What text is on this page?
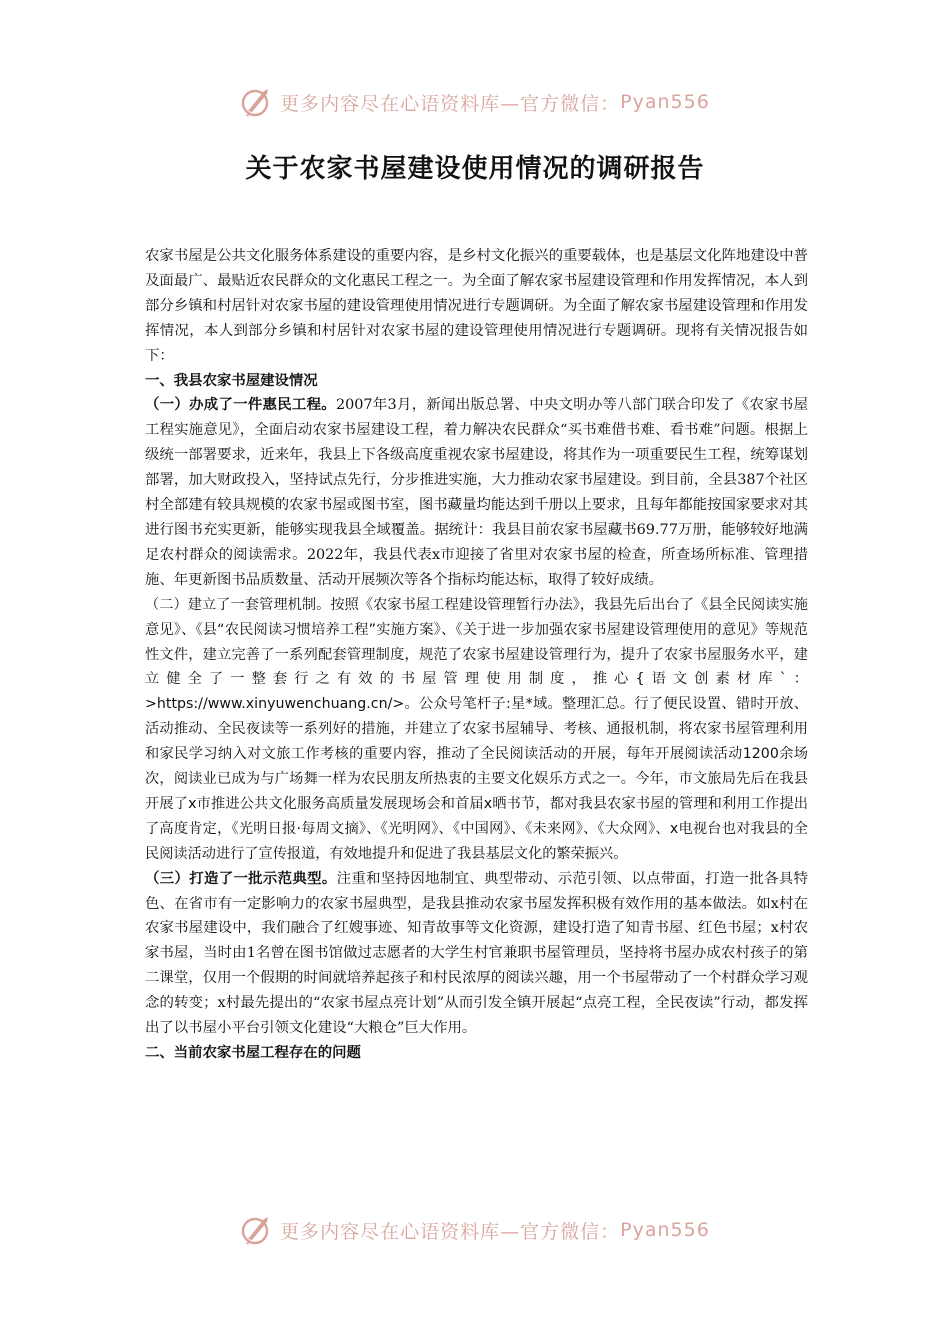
更多内容尽在心语资料库—官方微信： Pyan556
关于农家书屋建设使用情况的调研报告

农家书屋是公共文化服务体系建设的重要内容，是乡村文化振兴的重要载体，也是基层文化阵地建设中普及面最广、最贴近农民群众的文化惠民工程之一。为全面了解农家书屋建设管理和作用发挥情况，本人到部分乡镇和村居针对农家书屋的建设管理使用情况进行专题调研。为全面了解农家书屋建设管理和作用发挥情况，本人到部分乡镇和村居针对农家书屋的建设管理使用情况进行专题调研。现将有关情况报告如下：

一、我县农家书屋建设情况

（一）办成了一件惠民工程。2007年3月，新闻出版总署、中央文明办等八部门联合印发了《农家书屋工程实施意见》，全面启动农家书屋建设工程，着力解决农民群众“买书难借书难、看书难”问题。根据上级统一部署要求，近来年，我县上下各级高度重视农家书屋建设，将其作为一项重要民生工程，统筹谋划部署，加大财政投入，坚持试点先行，分步推进实施，大力推动农家书屋建设。到目前，全县387个社区村全部建有较具规模的农家书屋或图书室，图书藏量均能达到千册以上要求，且每年都能按国家要求对其进行图书充实更新，能够实现我县全域覆盖。据统计：我县目前农家书屋藏书69.77万册，能够较好地满足农村群众的阅读需求。2022年，我县代表x市迎接了省里对农家书屋的检查，所查场所标准、管理措施、年更新图书品质数量、活动开展频次等各个指标均能达标，取得了较好成绩。

（二）建立了一套管理机制。按照《农家书屋工程建设管理暂行办法》，我县先后出台了《县全民阅读实施意见》、《县“农民阅读习惯培养工程”实施方案》、《关于进一步加强农家书屋建设管理使用的意见》等规范性文件，建立完善了一系列配套管理制度，规范了农家书屋建设管理行为，提升了农家书屋服务水平，建立健全了一整套行之有效的书屋管理使用制度，推心{语文创素材库`：>https://www.xinyuwenchuang.cn/>。公众号笔杆子:星*域。整理汇总。行了便民设置、错时开放、活动推动、全民夜读等一系列好的措施，并建立了农家书屋辅导、考核、通报机制，将农家书屋管理利用和家民学习纳入对文旅工作考核的重要内容，推动了全民阅读活动的开展，每年开展阅读活动1200余场次，阅读业已成为与广场舞一样为农民朋友所热衷的主要文化娱乐方式之一。今年，市文旅局先后在我县开展了x市推进公共文化服务高质量发展现场会和首届x晒书节，都对我县农家书屋的管理和利用工作提出了高度肯定，《光明日报·每周文摘》、《光明网》、《中国网》、《未来网》、《大众网》、x电视台也对我县的全民阅读活动进行了宣传报道，有效地提升和促进了我县基层文化的繁荣振兴。

（三）打造了一批示范典型。注重和坚持因地制宜、典型带动、示范引领、以点带面，打造一批各具特色、在省市有一定影响力的农家书屋典型，是我县推动农家书屋发挥积极有效作用的基本做法。如x村在农家书屋建设中，我们融合了红嫂事迹、知青故事等文化资源，建设打造了知青书屋、红色书屋；x村农家书屋，当时由1名曾在图书馆做过志愿者的大学生村官兼职书屋管理员，坚持将书屋办成农村孩子的第二课堂，仅用一个假期的时间就培养起孩子和村民浓厚的阅读兴趣，用一个书屋带动了一个村群众学习观念的转变；x村最先提出的“农家书屋点亮计划”从而引发全镇开展起“点亮工程，全民夜读”行动，都发挥出了以书屋小平台引领文化建设“大粮仓”巨大作用。

二、当前农家书屋工程存在的问题

更多内容尽在心语资料库—官方微信： Pyan556
